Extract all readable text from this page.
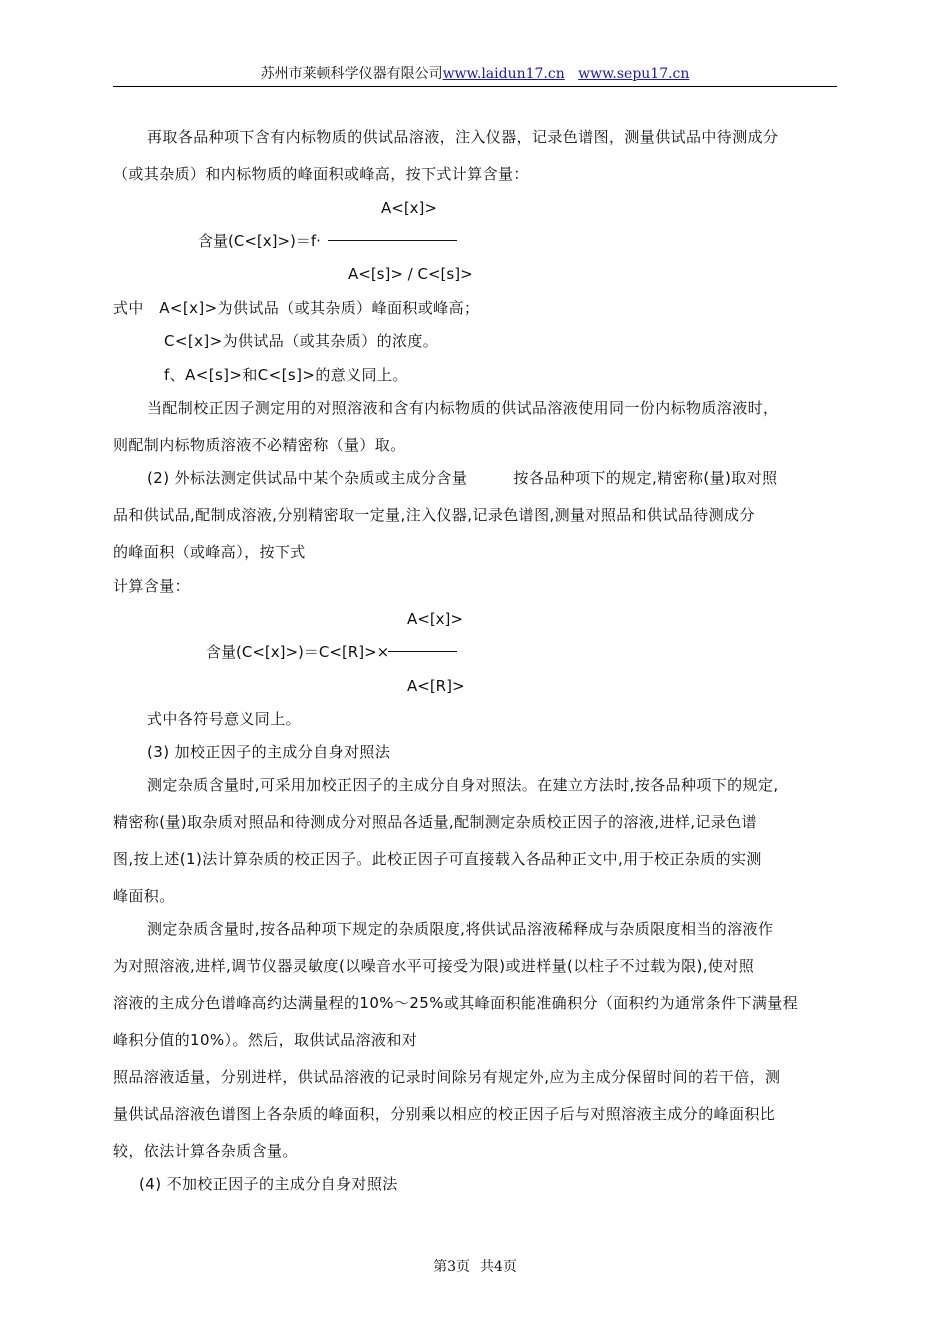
苏州市莱顿科学仪器有限公司www.laidun17.cn www.sepu17.cn
再取各品种项下含有内标物质的供试品溶液，注入仪器，记录色谱图，测量供试品中待测成分
（或其杂质）和内标物质的峰面积或峰高，按下式计算含量：
A<[x]>
含量(C<[x]>)＝f·
A<[s]> / C<[s]>
式中　A<[x]>为供试品（或其杂质）峰面积或峰高；
C<[x]>为供试品（或其杂质）的浓度。
f、A<[s]>和C<[s]>的意义同上。
当配制校正因子测定用的对照溶液和含有内标物质的供试品溶液使用同一份内标物质溶液时，
则配制内标物质溶液不必精密称（量）取。
(2) 外标法测定供试品中某个杂质或主成分含量　　　按各品种项下的规定,精密称(量)取对照
品和供试品,配制成溶液,分别精密取一定量,注入仪器,记录色谱图,测量对照品和供试品待测成分
的峰面积（或峰高），按下式
计算含量：
A<[x]>
含量(C<[x]>)＝C<[R]>×
A<[R]>
式中各符号意义同上。
(3) 加校正因子的主成分自身对照法
测定杂质含量时,可采用加校正因子的主成分自身对照法。在建立方法时,按各品种项下的规定,
精密称(量)取杂质对照品和待测成分对照品各适量,配制测定杂质校正因子的溶液,进样,记录色谱
图,按上述(1)法计算杂质的校正因子。此校正因子可直接载入各品种正文中,用于校正杂质的实测
峰面积。
测定杂质含量时,按各品种项下规定的杂质限度,将供试品溶液稀释成与杂质限度相当的溶液作
为对照溶液,进样,调节仪器灵敏度(以噪音水平可接受为限)或进样量(以柱子不过载为限),使对照
溶液的主成分色谱峰高约达满量程的10%～25%或其峰面积能准确积分（面积约为通常条件下满量程
峰积分值的10%）。然后，取供试品溶液和对
照品溶液适量，分别进样，供试品溶液的记录时间除另有规定外,应为主成分保留时间的若干倍，测
量供试品溶液色谱图上各杂质的峰面积，分别乘以相应的校正因子后与对照溶液主成分的峰面积比
较，依法计算各杂质含量。
(4) 不加校正因子的主成分自身对照法
第3页 共4页
